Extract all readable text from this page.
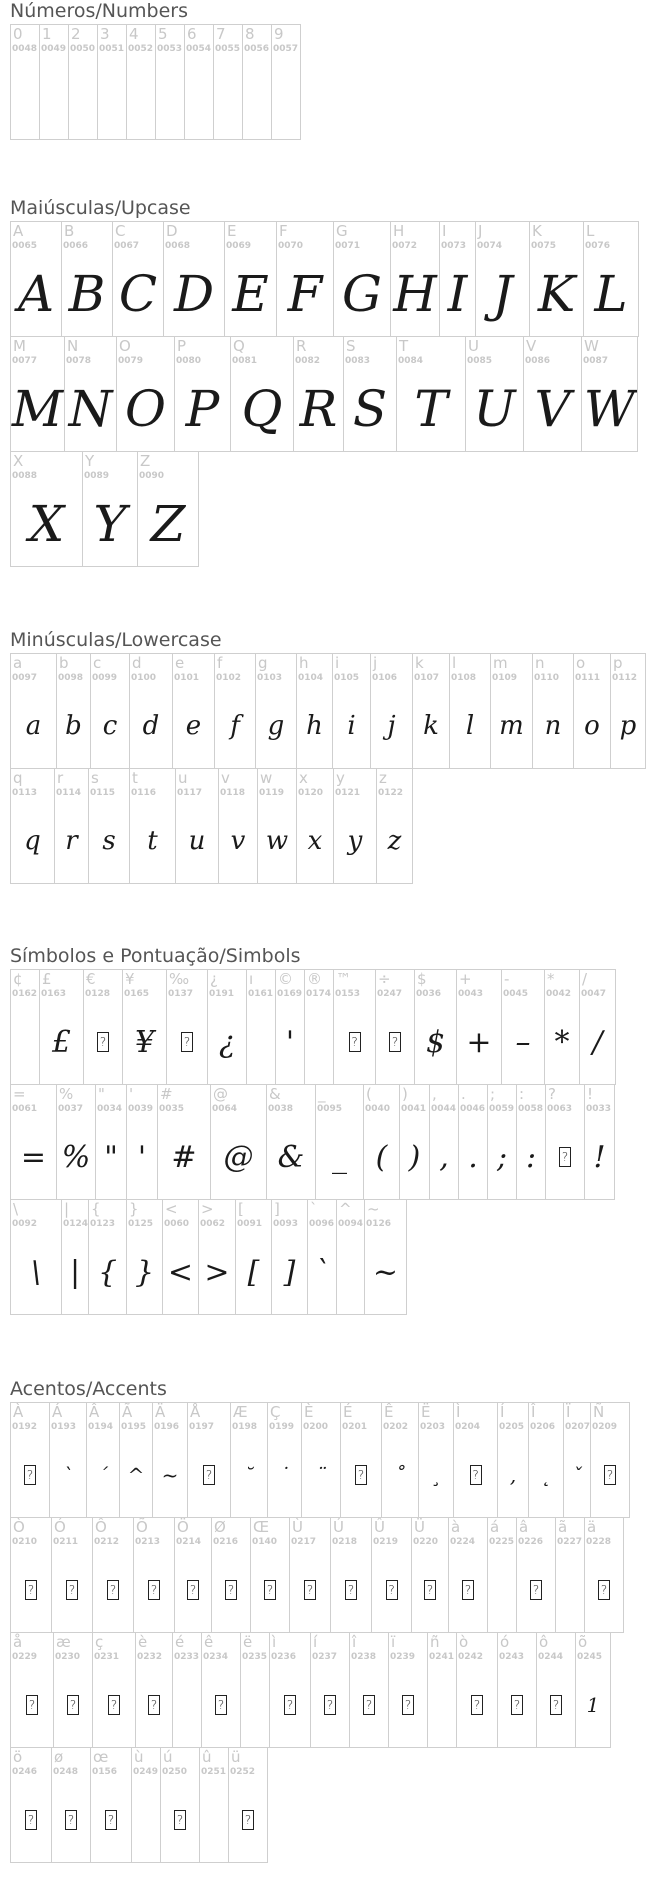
Números/Numbers
0
0048
1
0049
2
0050
3
0051
4
0052
5
0053
6
0054
7
0055
8
0056
9
0057
Maiúsculas/Upcase
A
0065
A
B
0066
B
C
0067
C
D
0068
D
E
0069
E
F
0070
F
G
0071
G
H
0072
H
I
0073
I
J
0074
J
K
0075
K
L
0076
L
M
0077
M
N
0078
N
O
0079
O
P
0080
P
Q
0081
Q
R
0082
R
S
0083
S
T
0084
T
U
0085
U
V
0086
V
W
0087
W
X
0088
X
Y
0089
Y
Z
0090
Z
Minúsculas/Lowercase
a
0097
a
b
0098
b
c
0099
c
d
0100
d
e
0101
e
f
0102
f
g
0103
g
h
0104
h
i
0105
i
j
0106
j
k
0107
k
l
0108
l
m
0109
m
n
0110
n
o
0111
o
p
0112
p
q
0113
q
r
0114
r
s
0115
s
t
0116
t
u
0117
u
v
0118
v
w
0119
w
x
0120
x
y
0121
y
z
0122
z
Símbolos e Pontuação/Simbols
¢
0162
£
0163
£
€
0128
?
¥
0165
¥
‰
0137
?
¿
0191
¿
ı
0161
©
0169
'
®
0174
™
0153
?
÷
0247
?
$
0036
$
+
0043
+
-
0045
–
*
0042
*
/
0047
/
=
0061
=
%
0037
%
"
0034
"
'
0039
'
#
0035
#
@
0064
@
&
0038
&
_
0095
_
(
0040
(
)
0041
)
,
0044
,
.
0046
.
;
0059
;
:
0058
:
?
0063
?
!
0033
!
\
0092
\
|
0124
|
{
0123
{
}
0125
}
<
0060
<
>
0062
>
[
0091
[
]
0093
]
`
0096
`
^
0094
~
0126
~
Acentos/Accents
À
0192
?
Á
0193
`
Â
0194
´
Ã
0195
^
Ä
0196
~
Å
0197
?
Æ
0198
˘
Ç
0199
˙
È
0200
¨
É
0201
?
Ê
0202
˚
Ë
0203
¸
Ì
0204
?
Í
0205
,
Î
0206
˛
Ï
0207
ˇ
Ñ
0209
?
Ò
0210
?
Ó
0211
?
Ô
0212
?
Õ
0213
?
Ö
0214
?
Ø
0216
?
Œ
0140
?
Ù
0217
?
Ú
0218
?
Û
0219
?
Ü
0220
?
à
0224
?
á
0225
â
0226
?
ã
0227
ä
0228
?
å
0229
?
æ
0230
?
ç
0231
?
è
0232
?
é
0233
ê
0234
?
ë
0235
ì
0236
?
í
0237
?
î
0238
?
ï
0239
?
ñ
0241
ò
0242
?
ó
0243
?
ô
0244
?
õ
0245
1
ö
0246
?
ø
0248
?
œ
0156
?
ù
0249
ú
0250
?
û
0251
ü
0252
?
